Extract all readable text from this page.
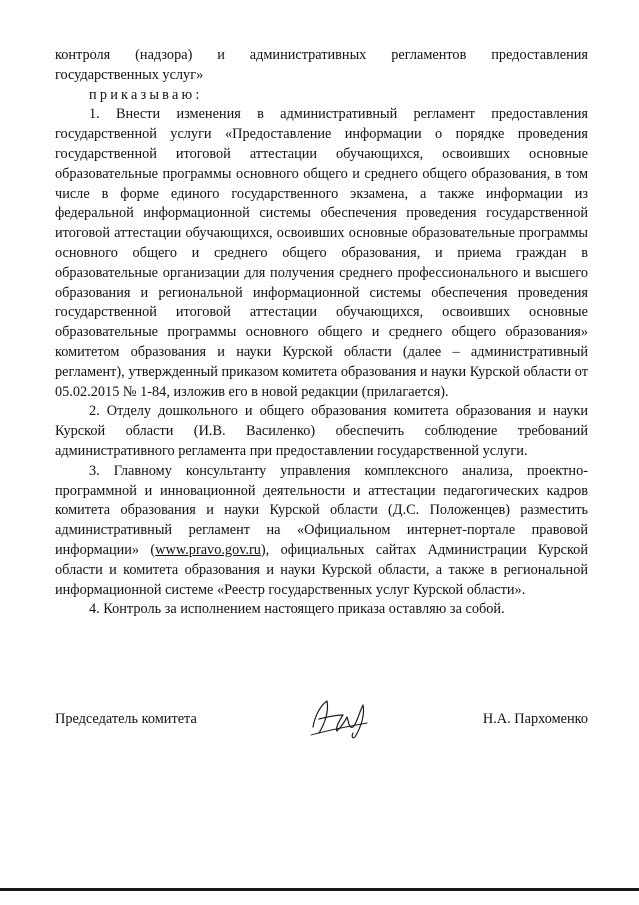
контроля (надзора) и административных регламентов предоставления государственных услуг»

приказываю:

1. Внести изменения в административный регламент предоставления государственной услуги «Предоставление информации о порядке проведения государственной итоговой аттестации обучающихся, освоивших основные образовательные программы основного общего и среднего общего образования, в том числе в форме единого государственного экзамена, а также информации из федеральной информационной системы обеспечения проведения государственной итоговой аттестации обучающихся, освоивших основные образовательные программы основного общего и среднего общего образования, и приема граждан в образовательные организации для получения среднего профессионального и высшего образования и региональной информационной системы обеспечения проведения государственной итоговой аттестации обучающихся, освоивших основные образовательные программы основного общего и среднего общего образования» комитетом образования и науки Курской области (далее – административный регламент), утвержденный приказом комитета образования и науки Курской области от 05.02.2015 № 1-84, изложив его в новой редакции (прилагается).

2. Отделу дошкольного и общего образования комитета образования и науки Курской области (И.В. Василенко) обеспечить соблюдение требований административного регламента при предоставлении государственной услуги.

3. Главному консультанту управления комплексного анализа, проектно-программной и инновационной деятельности и аттестации педагогических кадров комитета образования и науки Курской области (Д.С. Положенцев) разместить административный регламент на «Официальном интернет-портале правовой информации» (www.pravo.gov.ru), официальных сайтах Администрации Курской области и комитета образования и науки Курской области, а также в региональной информационной системе «Реестр государственных услуг Курской области».

4. Контроль за исполнением настоящего приказа оставляю за собой.

Председатель комитета	Н.А. Пархоменко
